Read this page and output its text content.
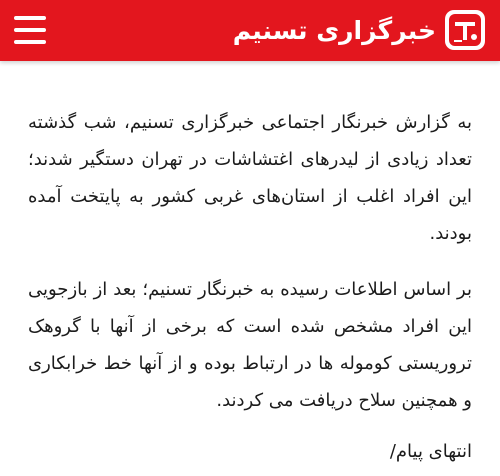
خبرگزاری تسنیم

به گزارش خبرنگار اجتماعی خبرگزاری تسنیم، شب گذشته تعداد زیادی از لیدرهای اغتشاشات در تهران دستگیر شدند؛ این افراد اغلب از استان‌های غربی کشور به پایتخت آمده بودند.

بر اساس اطلاعات رسیده به خبرنگار تسنیم؛ بعد از بازجویی این افراد مشخص شده است که برخی از آنها با گروهک تروریستی کومولە ها در ارتباط بوده و از آنها خط خرابکاری و همچنین سلاح دریافت می کردند.

انتهای پیام/
